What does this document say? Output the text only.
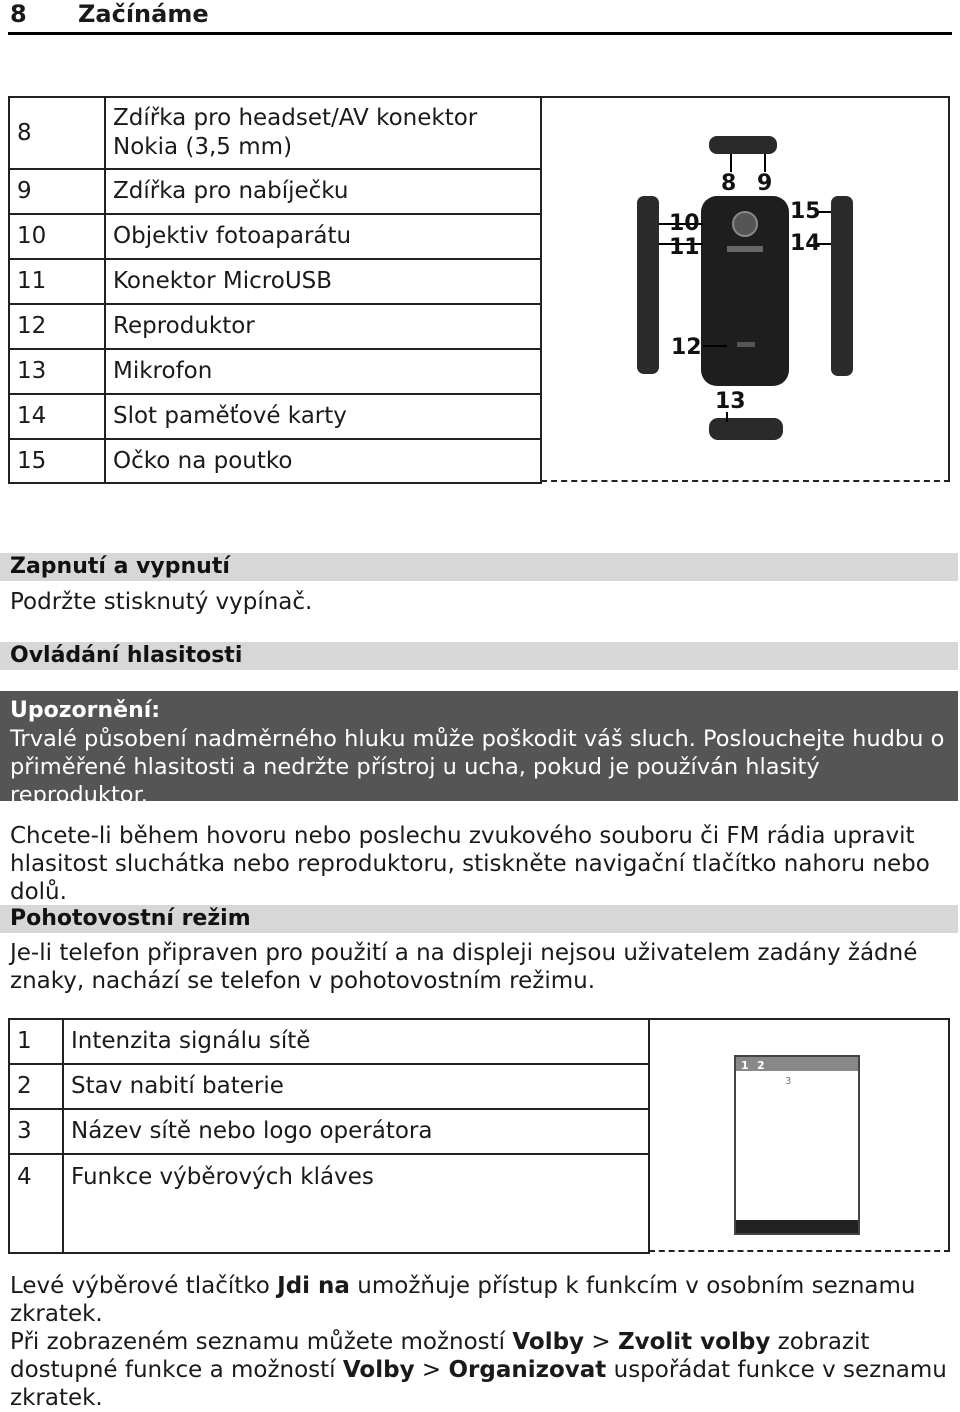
8 Začínáme
8	Zdířka pro headset/AV konektor Nokia (3,5 mm)
9	Zdířka pro nabíječku
10	Objektiv fotoaparátu
11	Konektor MicroUSB
12	Reproduktor
13	Mikrofon
14	Slot paměťové karty
15	Očko na poutko
8 9
10
11
15
14
12
13
Zapnutí a vypnutí
Podržte stisknutý vypínač.
Ovládání hlasitosti
Upozornění:
Trvalé působení nadměrného hluku může poškodit váš sluch. Poslouchejte hudbu o přiměřené hlasitosti a nedržte přístroj u ucha, pokud je používán hlasitý reproduktor.
Chcete-li během hovoru nebo poslechu zvukového souboru či FM rádia upravit hlasitost sluchátka nebo reproduktoru, stiskněte navigační tlačítko nahoru nebo dolů.
Pohotovostní režim
Je-li telefon připraven pro použití a na displeji nejsou uživatelem zadány žádné znaky, nachází se telefon v pohotovostním režimu.
1	Intenzita signálu sítě
2	Stav nabití baterie
3	Název sítě nebo logo operátora
4	Funkce výběrových kláves
1 2
3
Levé výběrové tlačítko Jdi na umožňuje přístup k funkcím v osobním seznamu zkratek.
Při zobrazeném seznamu můžete možností Volby > Zvolit volby zobrazit dostupné funkce a možností Volby > Organizovat uspořádat funkce v seznamu zkratek.
